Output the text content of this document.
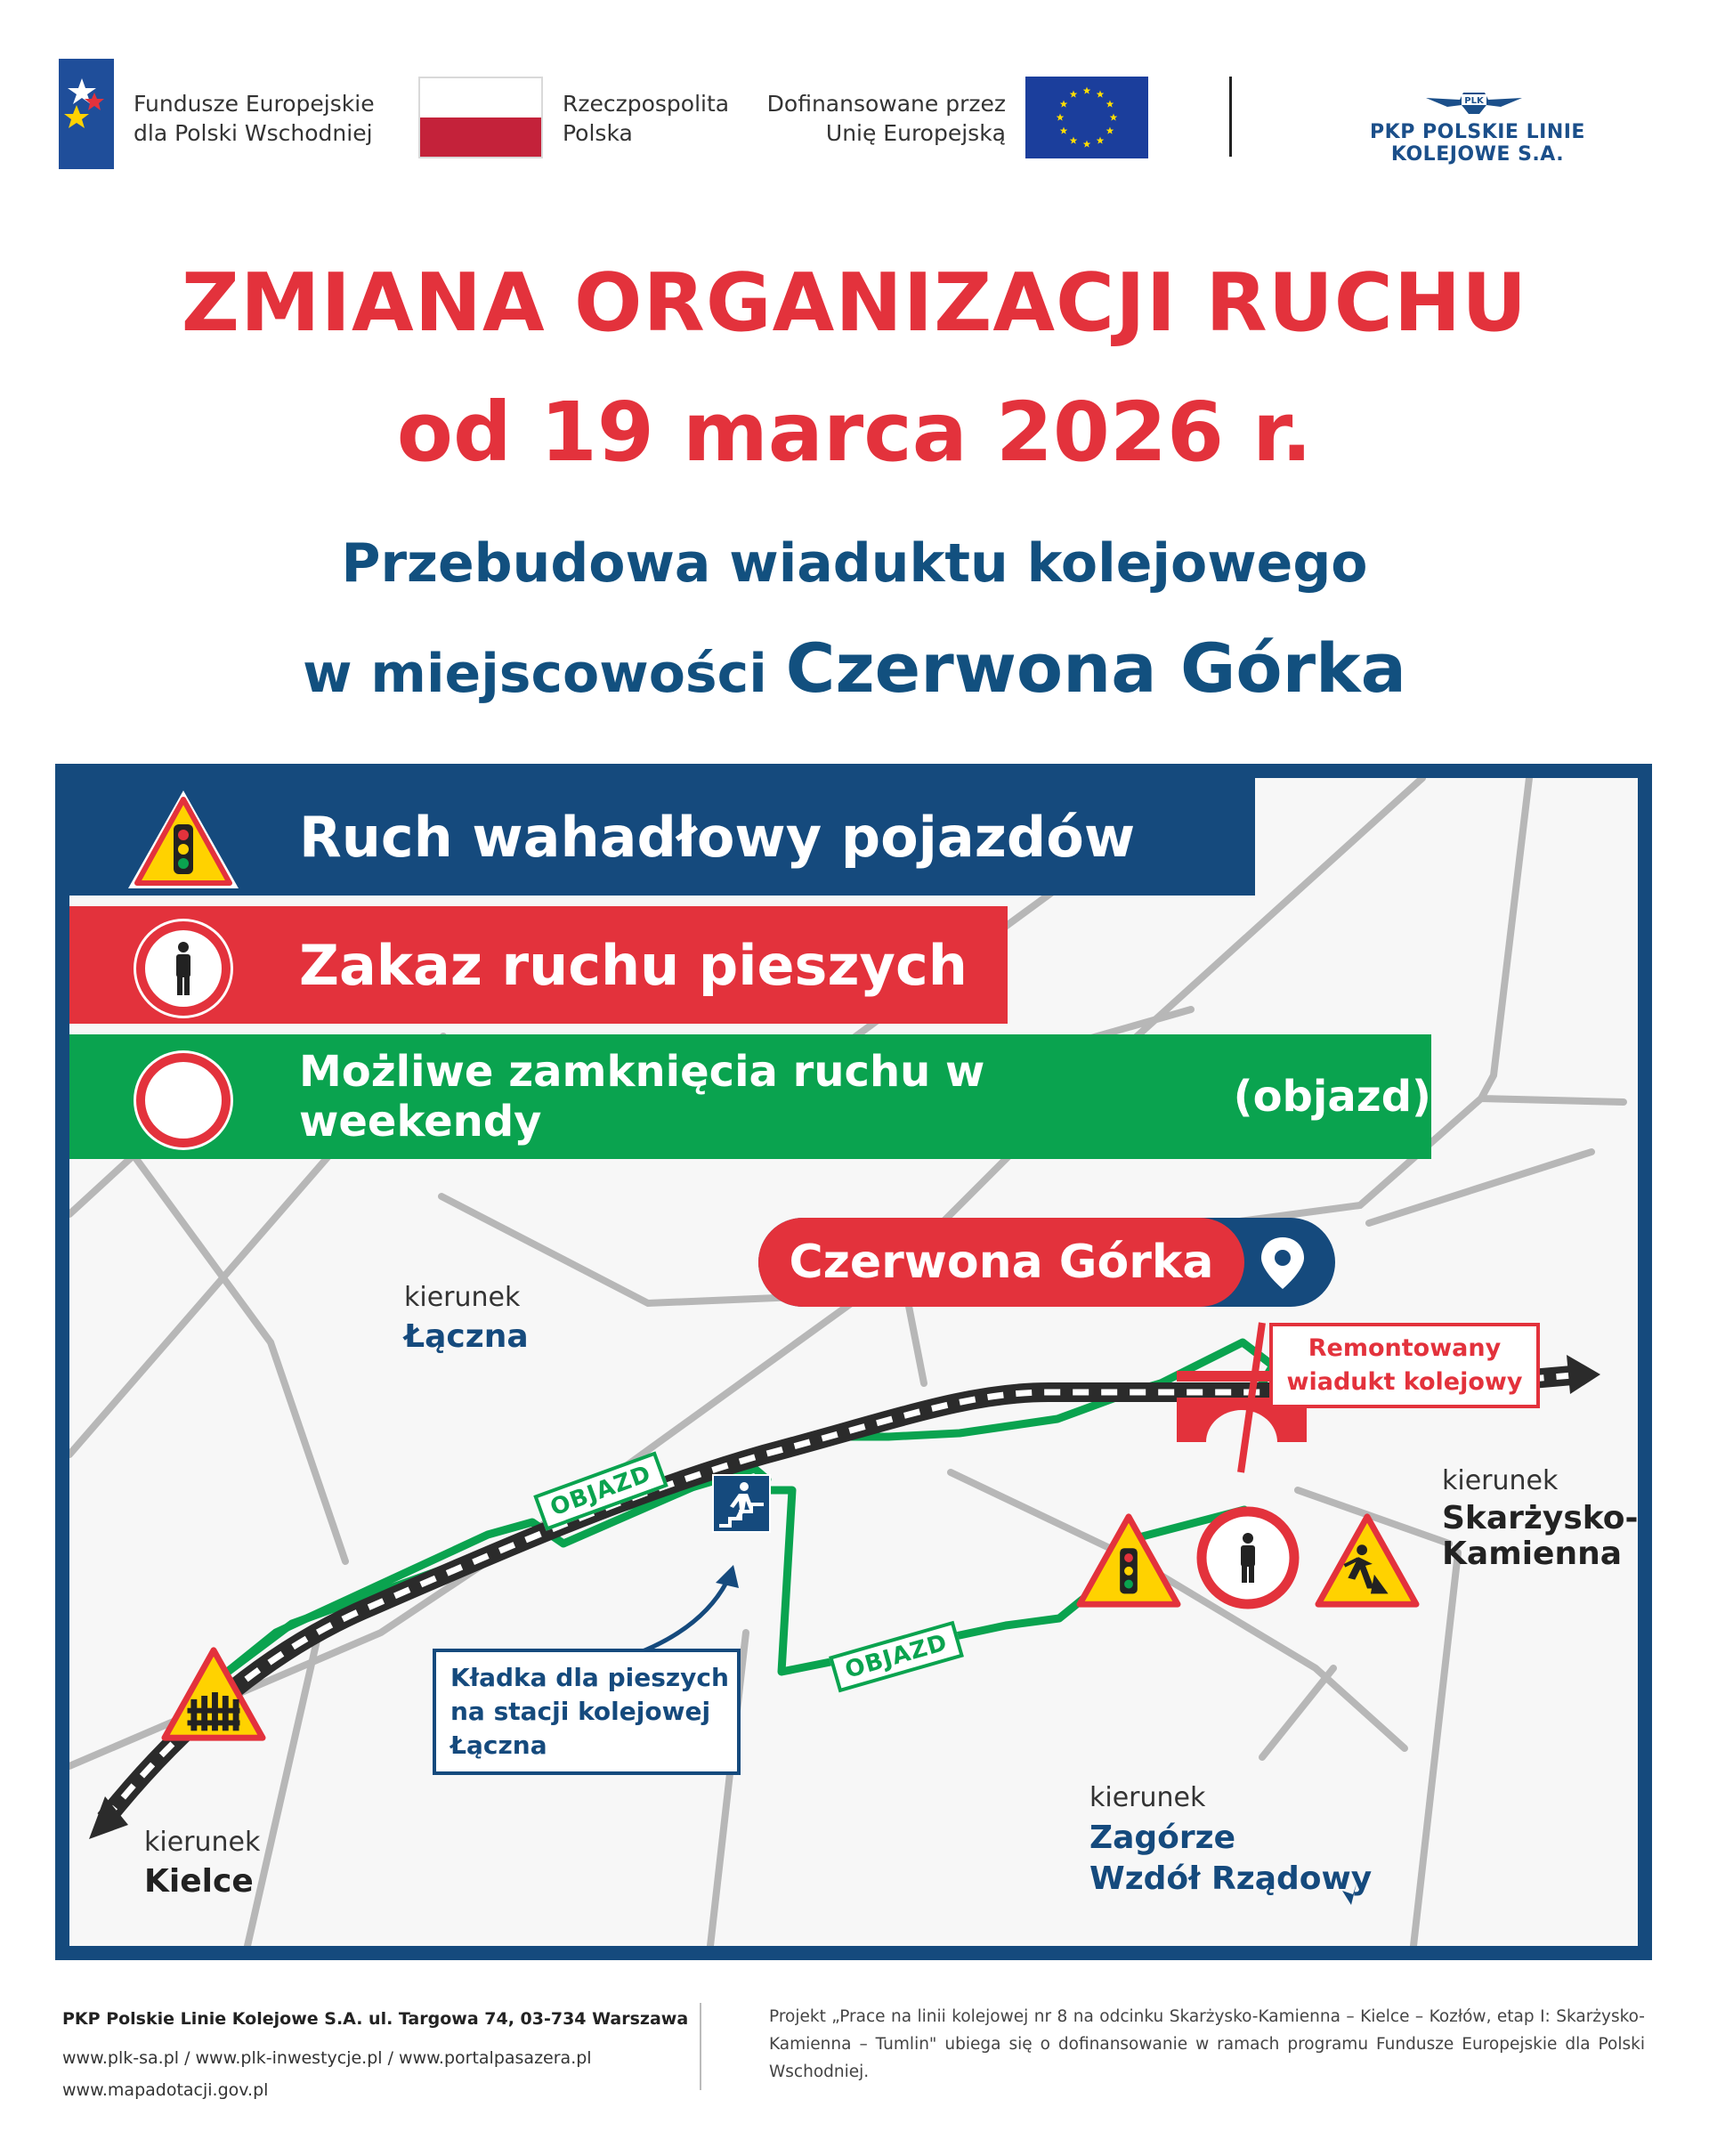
Fundusze Europejskie
dla Polski Wschodniej
Rzeczpospolita
Polska
Dofinansowane przez
Unię Europejską
PLK
PKP POLSKIE LINIE KOLEJOWE S.A.
ZMIANA ORGANIZACJI RUCHU
od 19 marca 2026 r.
Przebudowa wiaduktu kolejowego
w miejscowości Czerwona Górka
Ruch wahadłowy pojazdów
Zakaz ruchu pieszych
Możliwe zamknięcia ruchu w weekendy
	(objazd)
Czerwona Górka
Remontowany
wiadukt kolejowy
Kładka dla pieszych
na stacji kolejowej
Łączna
OBJAZD
OBJAZD
kierunek
Łączna
kierunek
Kielce
kierunek
Skarżysko-
Kamienna
kierunek
Zagórze
Wzdół Rządowy
PKP Polskie Linie Kolejowe S.A. ul. Targowa 74, 03-734 Warszawa
www.plk-sa.pl / www.plk-inwestycje.pl / www.portalpasazera.pl
www.mapadotacji.gov.pl
Projekt „Prace na linii kolejowej nr 8 na odcinku Skarżysko-Kamienna – Kielce – Kozłów, etap I: Skarżysko-Kamienna – Tumlin" ubiega się o dofinansowanie w ramach programu Fundusze Europejskie dla Polski Wschodniej.
